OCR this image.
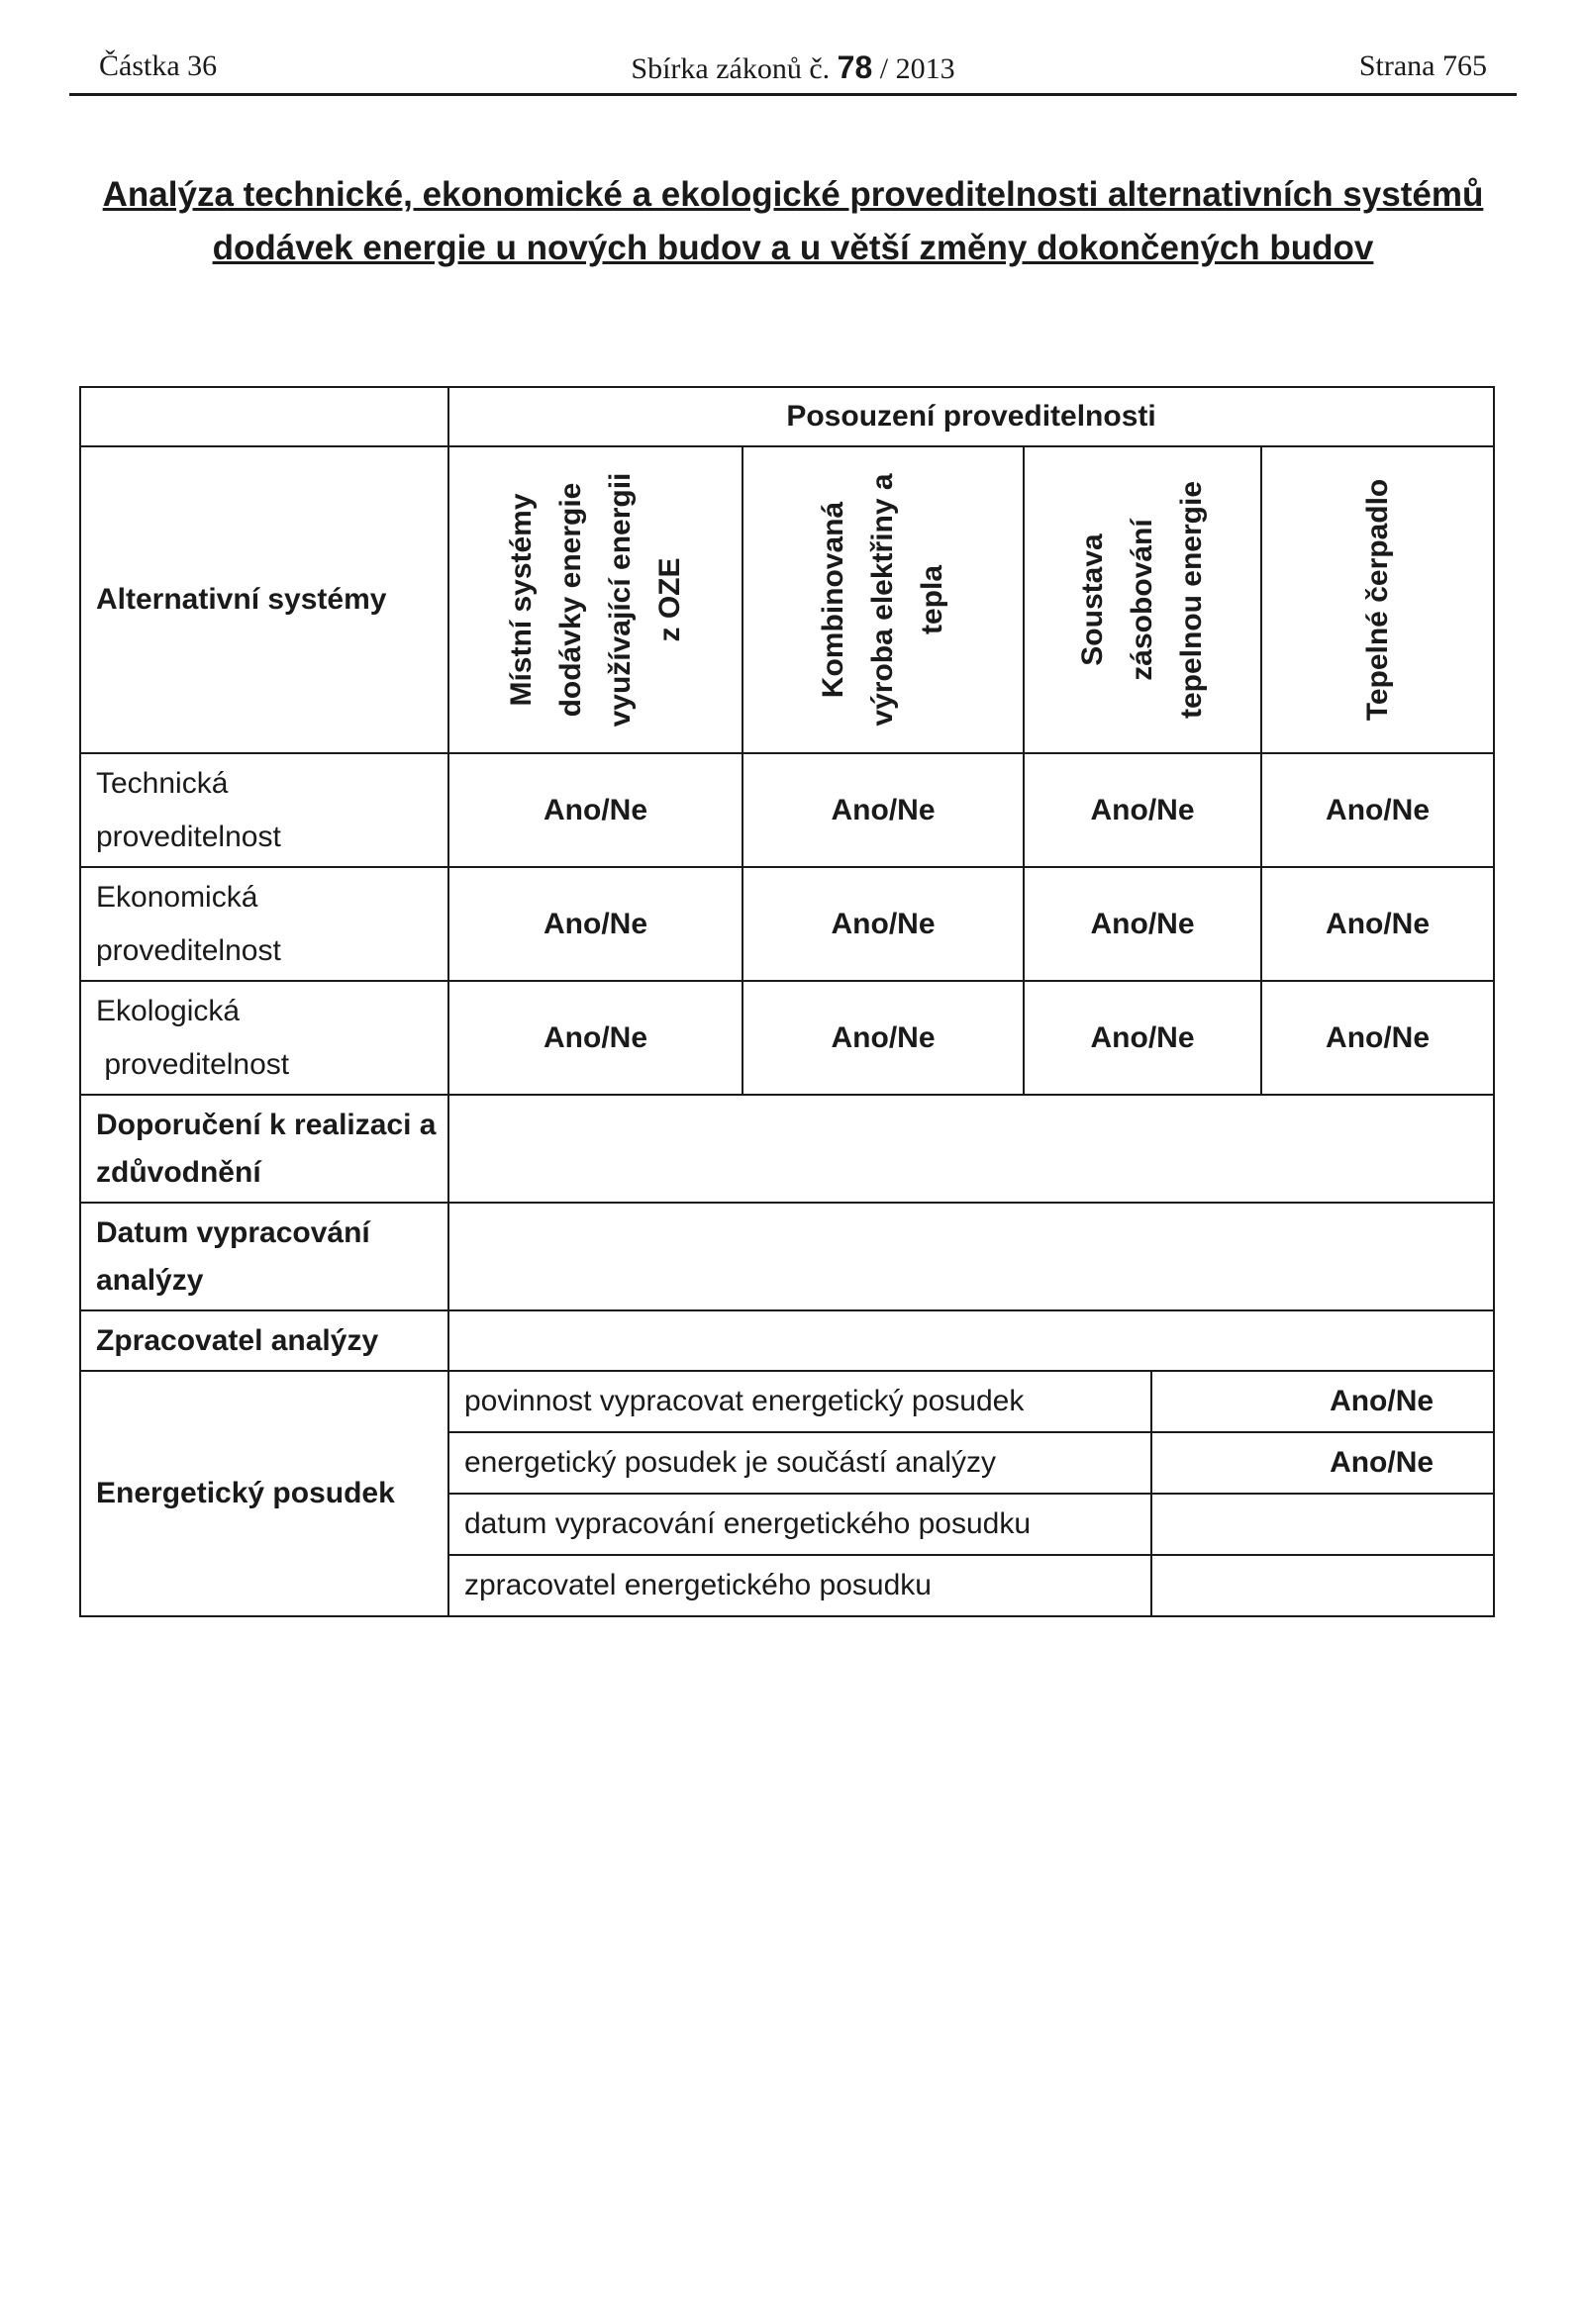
Částka 36	Sbírka zákonů č. 78 / 2013	Strana 765
Analýza technické, ekonomické a ekologické proveditelnosti alternativních systémů
dodávek energie u nových budov a u větší změny dokončených budov
	Posouzení proveditelnosti				
Alternativní systémy	Místní systémy dodávky energie využívající energii z OZE	Kombinovaná výroba elektřiny a tepla	Soustava zásobování tepelnou energie		Tepelné čerpadlo

Technická
proveditelnost	Ano/Ne	Ano/Ne	Ano/Ne		Ano/Ne

Ekonomická
proveditelnost	Ano/Ne	Ano/Ne	Ano/Ne		Ano/Ne

Ekologická
proveditelnost	Ano/Ne	Ano/Ne	Ano/Ne		Ano/Ne

Doporučení k realizaci a
zdůvodnění					

Datum vypracování
analýzy					

Zpracovatel analýzy					
Energetický posudek	povinnost vypracovat energetický posudek			Ano/Ne	
	energetický posudek je součástí analýzy			Ano/Ne	
	datum vypracování energetického posudku				
	zpracovatel energetického posudku				
